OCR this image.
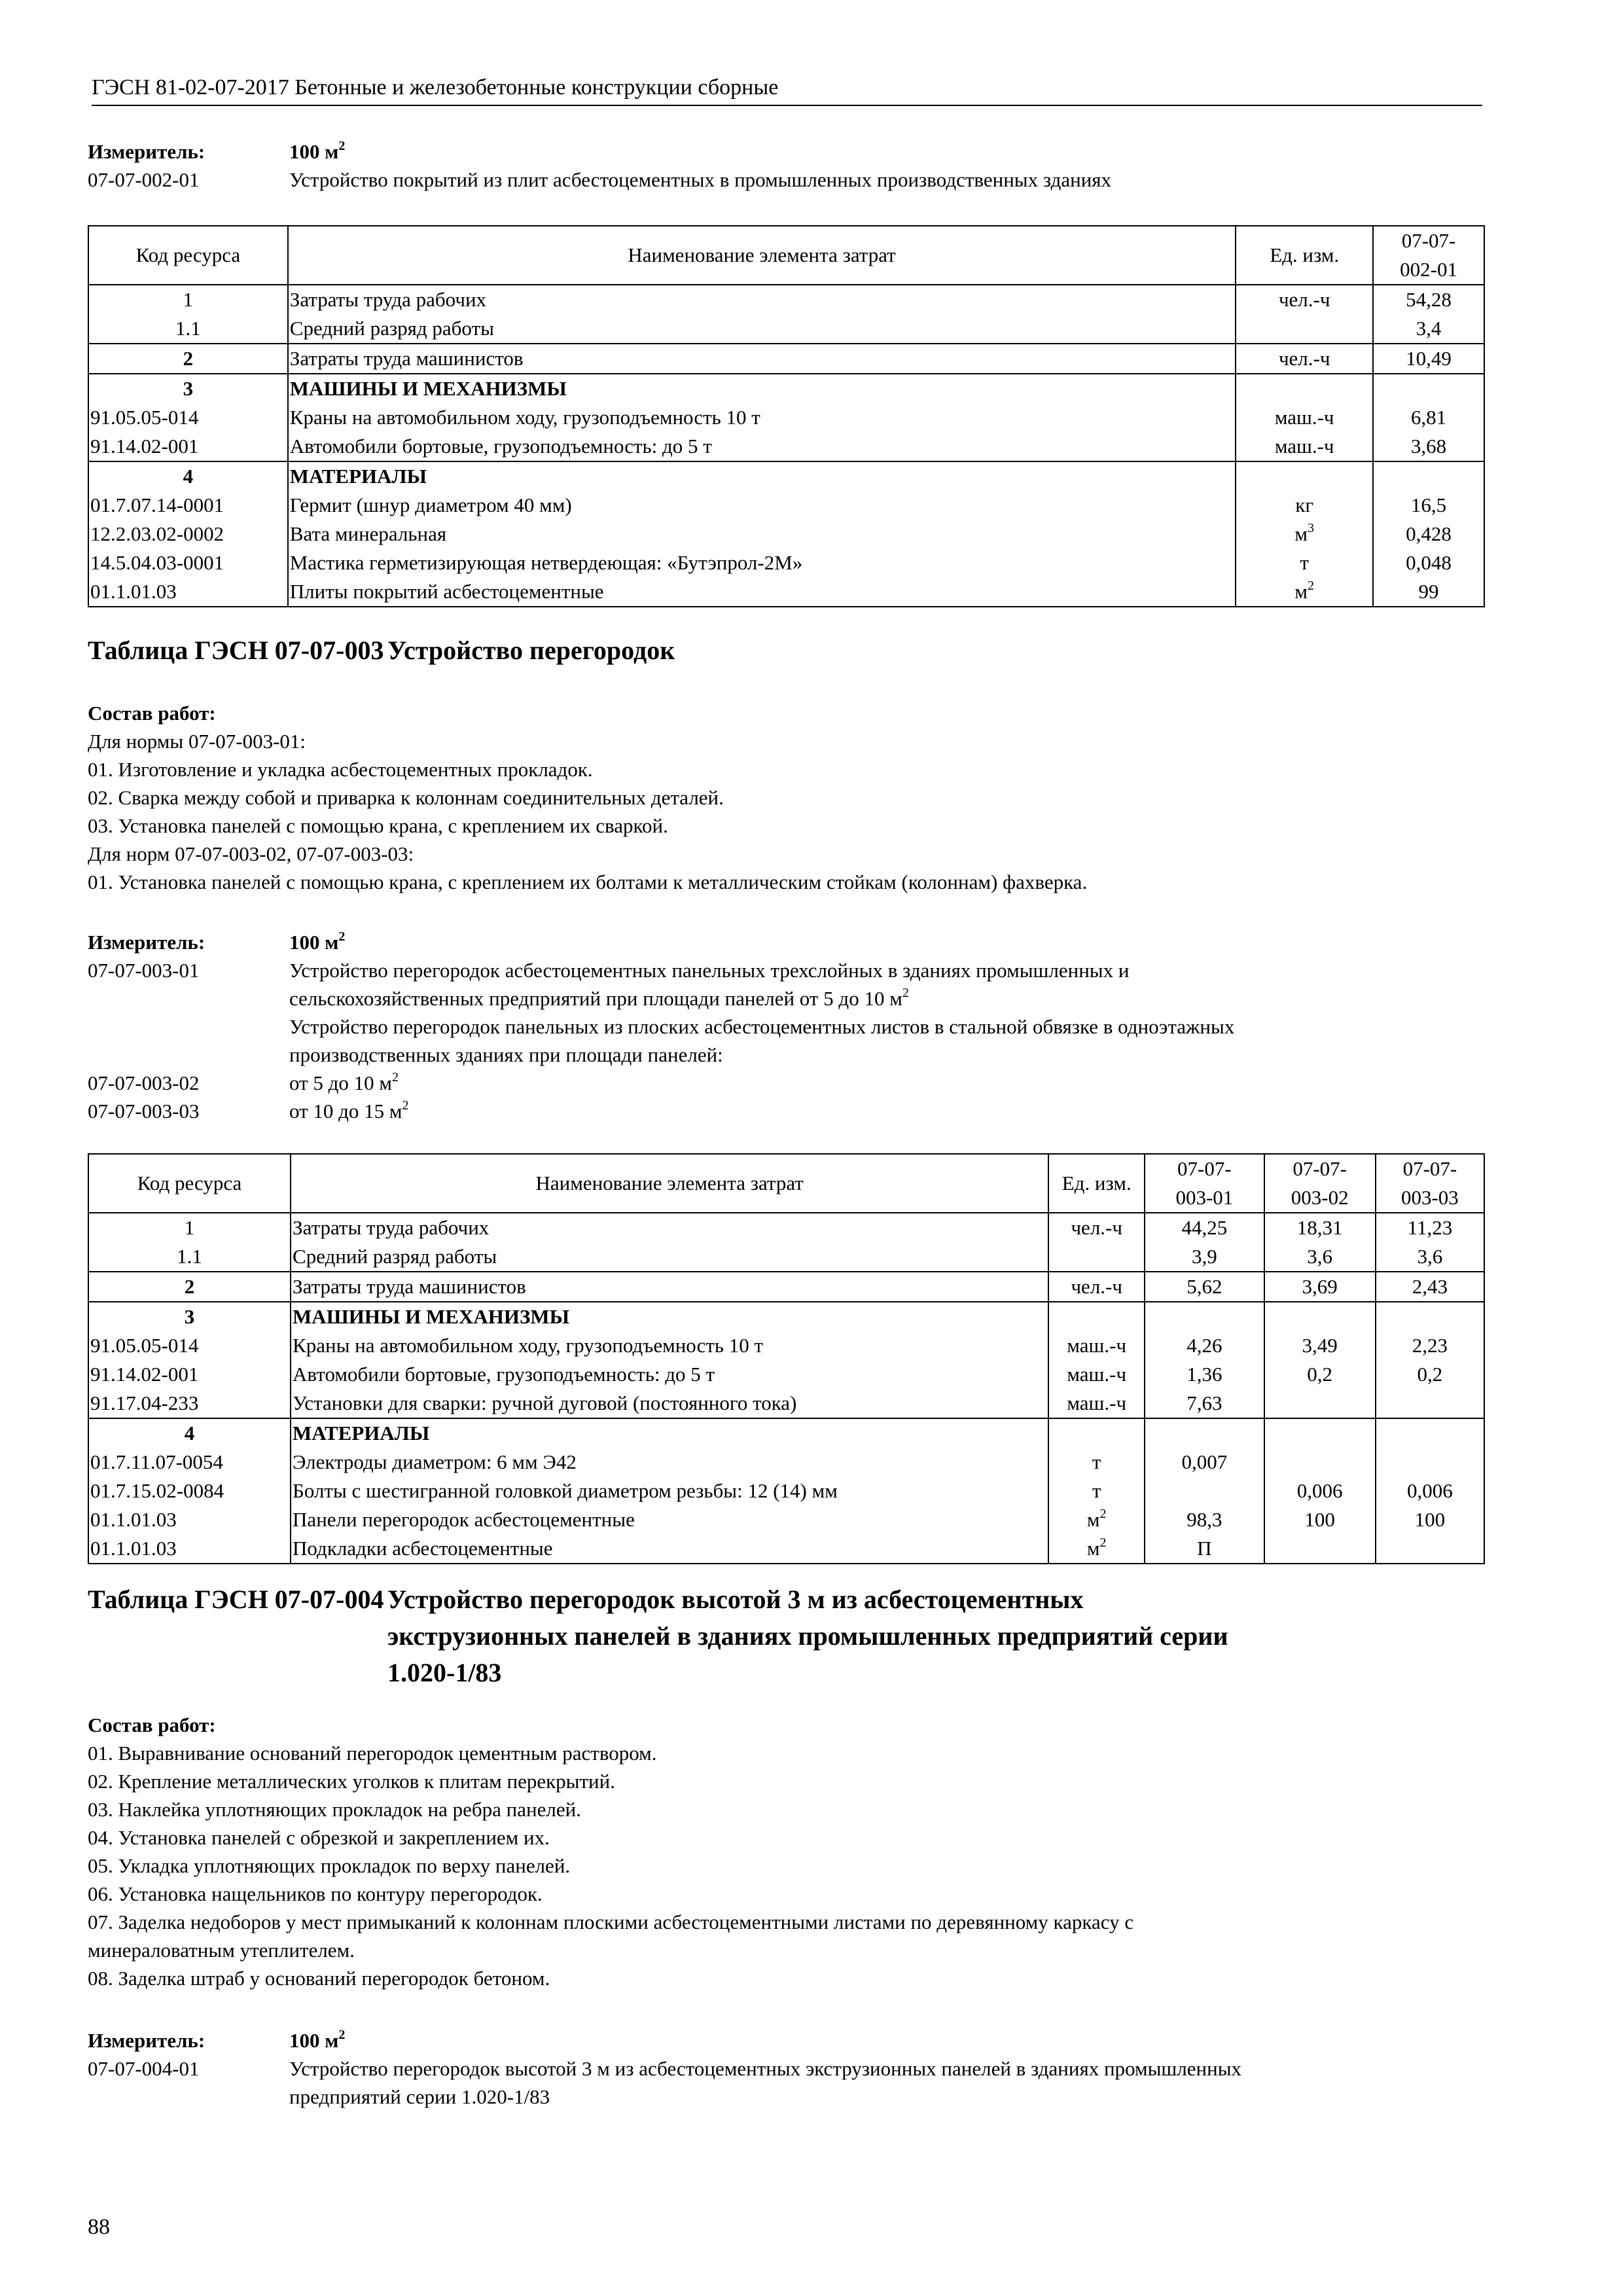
ГЭСН 81-02-07-2017 Бетонные и железобетонные конструкции сборные
Измеритель:	100 $м^2$
07-07-002-01	Устройство покрытий из плит асбестоцементных в промышленных производственных зданиях
Код ресурса	Наименование элемента затрат	Ед. изм.	07-07-
002-01
1	Затраты труда рабочих	чел.-ч	54,28
1.1	Средний разряд работы		3,4
2	Затраты труда машинистов	чел.-ч	10,49
3	МАШИНЫ И МЕХАНИЗМЫ		
91.05.05-014	Краны на автомобильном ходу, грузоподъемность 10 т	маш.-ч	6,81
91.14.02-001	Автомобили бортовые, грузоподъемность: до 5 т	маш.-ч	3,68
4	МАТЕРИАЛЫ		
01.7.07.14-0001	Гермит (шнур диаметром 40 мм)	кг	16,5
12.2.03.02-0002	Вата минеральная	$м^3$	0,428
14.5.04.03-0001	Мастика герметизирующая нетвердеющая: «Бутэпрол-2М»	т	0,048
01.1.01.03	Плиты покрытий асбестоцементные	$м^2$	99
Таблица ГЭСН 07-07-003 Устройство перегородок
Состав работ:
Для нормы 07-07-003-01:
01. Изготовление и укладка асбестоцементных прокладок.
02. Сварка между собой и приварка к колоннам соединительных деталей.
03. Установка панелей с помощью крана, с креплением их сваркой.
Для норм 07-07-003-02, 07-07-003-03:
01. Установка панелей с помощью крана, с креплением их болтами к металлическим стойкам (колоннам) фахверка.
Измеритель:	100 $м^2$
07-07-003-01	Устройство перегородок асбестоцементных панельных трехслойных в зданиях промышленных и
сельскохозяйственных предприятий при площади панелей от 5 до 10 $м^2$
Устройство перегородок панельных из плоских асбестоцементных листов в стальной обвязке в одноэтажных
производственных зданиях при площади панелей:
07-07-003-02	от 5 до 10 $м^2$
07-07-003-03	от 10 до 15 $м^2$
Код ресурса	Наименование элемента затрат	Ед. изм.	07-07-
003-01	07-07-
003-02	07-07-
003-03
1	Затраты труда рабочих	чел.-ч	44,25	18,31	11,23
1.1	Средний разряд работы		3,9	3,6	3,6
2	Затраты труда машинистов	чел.-ч	5,62	3,69	2,43
3	МАШИНЫ И МЕХАНИЗМЫ				
91.05.05-014	Краны на автомобильном ходу, грузоподъемность 10 т	маш.-ч	4,26	3,49	2,23
91.14.02-001	Автомобили бортовые, грузоподъемность: до 5 т	маш.-ч	1,36	0,2	0,2
91.17.04-233	Установки для сварки: ручной дуговой (постоянного тока)	маш.-ч	7,63		
4	МАТЕРИАЛЫ				
01.7.11.07-0054	Электроды диаметром: 6 мм Э42	т	0,007		
01.7.15.02-0084	Болты с шестигранной головкой диаметром резьбы: 12 (14) мм	т		0,006	0,006
01.1.01.03	Панели перегородок асбестоцементные	$м^2$	98,3	100	100
01.1.01.03	Подкладки асбестоцементные	$м^2$	П		
Таблица ГЭСН 07-07-004 Устройство перегородок высотой 3 м из асбестоцементных
экструзионных панелей в зданиях промышленных предприятий серии
1.020-1/83
Состав работ:
01. Выравнивание оснований перегородок цементным раствором.
02. Крепление металлических уголков к плитам перекрытий.
03. Наклейка уплотняющих прокладок на ребра панелей.
04. Установка панелей с обрезкой и закреплением их.
05. Укладка уплотняющих прокладок по верху панелей.
06. Установка нащельников по контуру перегородок.
07. Заделка недоборов у мест примыканий к колоннам плоскими асбестоцементными листами по деревянному каркасу с
минераловатным утеплителем.
08. Заделка штраб у оснований перегородок бетоном.
Измеритель:	100 $м^2$
07-07-004-01	Устройство перегородок высотой 3 м из асбестоцементных экструзионных панелей в зданиях промышленных
предприятий серии 1.020-1/83
88
